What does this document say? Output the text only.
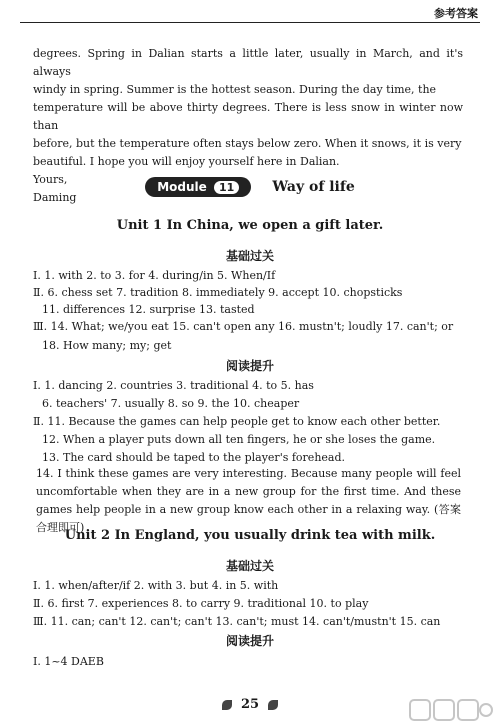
参考答案

degrees. Spring in Dalian starts a little later, usually in March, and it's always

windy in spring. Summer is the hottest season. During the day time, the

temperature will be above thirty degrees. There is less snow in winter now than

before, but the temperature often stays below zero. When it snows, it is very

beautiful. I hope you will enjoy yourself here in Dalian.

Yours,

Daming

Module 11	Way of life
Unit 1 In China, we open a gift later.
基础过关
Ⅰ. 1. with 2. to 3. for 4. during/in 5. When/If
Ⅱ. 6. chess set 7. tradition 8. immediately 9. accept 10. chopsticks
11. differences 12. surprise 13. tasted
Ⅲ. 14. What; we/you eat 15. can't open any 16. mustn't; loudly 17. can't; or
18. How many; my; get
阅读提升
Ⅰ. 1. dancing 2. countries 3. traditional 4. to 5. has
6. teachers' 7. usually 8. so 9. the 10. cheaper
Ⅱ. 11. Because the games can help people get to know each other better.
12. When a player puts down all ten fingers, he or she loses the game.
13. The card should be taped to the player's forehead.

14. I think these games are very interesting. Because many people will feel uncomfortable when they are in a new group for the first time. And these games help people in a new group know each other in a relaxing way. (答案合理即可)

Unit 2 In England, you usually drink tea with milk.
基础过关
Ⅰ. 1. when/after/if 2. with 3. but 4. in 5. with
Ⅱ. 6. first 7. experiences 8. to carry 9. traditional 10. to play
Ⅲ. 11. can; can't 12. can't; can't 13. can't; must 14. can't/mustn't 15. can
阅读提升
Ⅰ. 1~4 DAEB
25
